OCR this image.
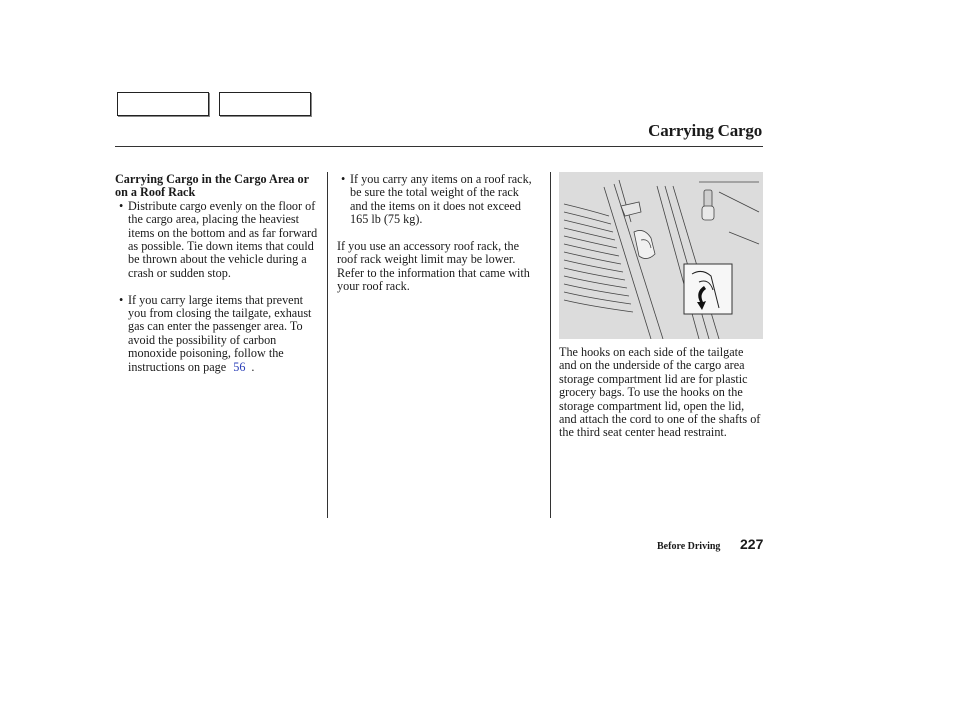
Carrying Cargo

Carrying Cargo in the Cargo Area or on a Roof Rack

• Distribute cargo evenly on the floor of the cargo area, placing the heaviest items on the bottom and as far forward as possible. Tie down items that could be thrown about the vehicle during a crash or sudden stop.

• If you carry large items that prevent you from closing the tailgate, exhaust gas can enter the passenger area. To avoid the possibility of carbon monoxide poisoning, follow the instructions on page 56 .

• If you carry any items on a roof rack, be sure the total weight of the rack and the items on it does not exceed 165 lb (75 kg).

If you use an accessory roof rack, the roof rack weight limit may be lower. Refer to the information that came with your roof rack.

The hooks on each side of the tailgate and on the underside of the cargo area storage compartment lid are for plastic grocery bags. To use the hooks on the storage compartment lid, open the lid, and attach the cord to one of the shafts of the third seat center head restraint.

Before Driving 227
